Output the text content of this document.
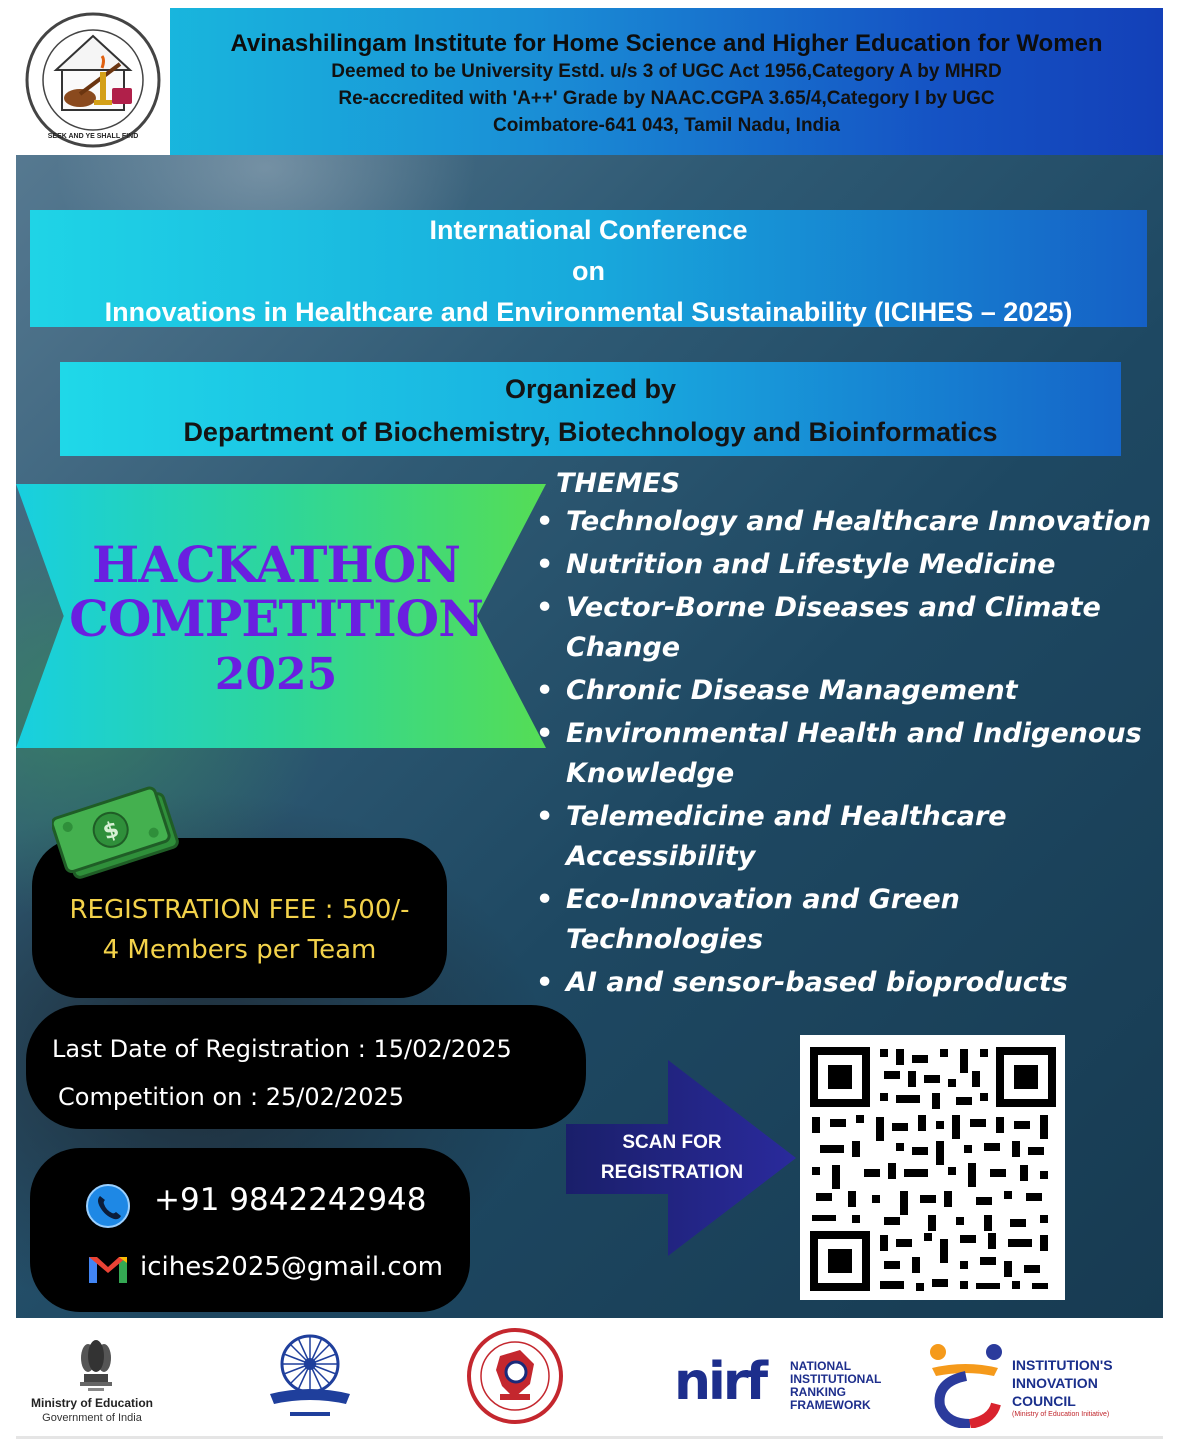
SEEK AND YE SHALL FIND
Avinashilingam Institute for Home Science and Higher Education for Women
Deemed to be University Estd. u/s 3 of UGC Act 1956,Category A by MHRD
Re-accredited with 'A++' Grade by NAAC.CGPA 3.65/4,Category I by UGC
Coimbatore-641 043, Tamil Nadu, India
International Conference
on
Innovations in Healthcare and Environmental Sustainability (ICIHES – 2025)
Organized by
Department of Biochemistry, Biotechnology and Bioinformatics
HACKATHON
COMPETITION
2025
THEMES
• Technology and Healthcare Innovation
• Nutrition and Lifestyle Medicine
• Vector-Borne Diseases and Climate Change
• Chronic Disease Management
• Environmental Health and Indigenous Knowledge
• Telemedicine and Healthcare Accessibility
• Eco-Innovation and Green Technologies
• AI and sensor-based bioproducts
REGISTRATION FEE : 500/-
4 Members per Team
$
Last Date of Registration : 15/02/2025
Competition on : 25/02/2025
+91 9842242948
icihes2025@gmail.com
SCAN FOR
REGISTRATION
Ministry of Education
Government of India
nirf NATIONAL
INSTITUTIONAL
RANKING
FRAMEWORK
INSTITUTION'S
INNOVATION
COUNCIL
(Ministry of Education Initiative)
